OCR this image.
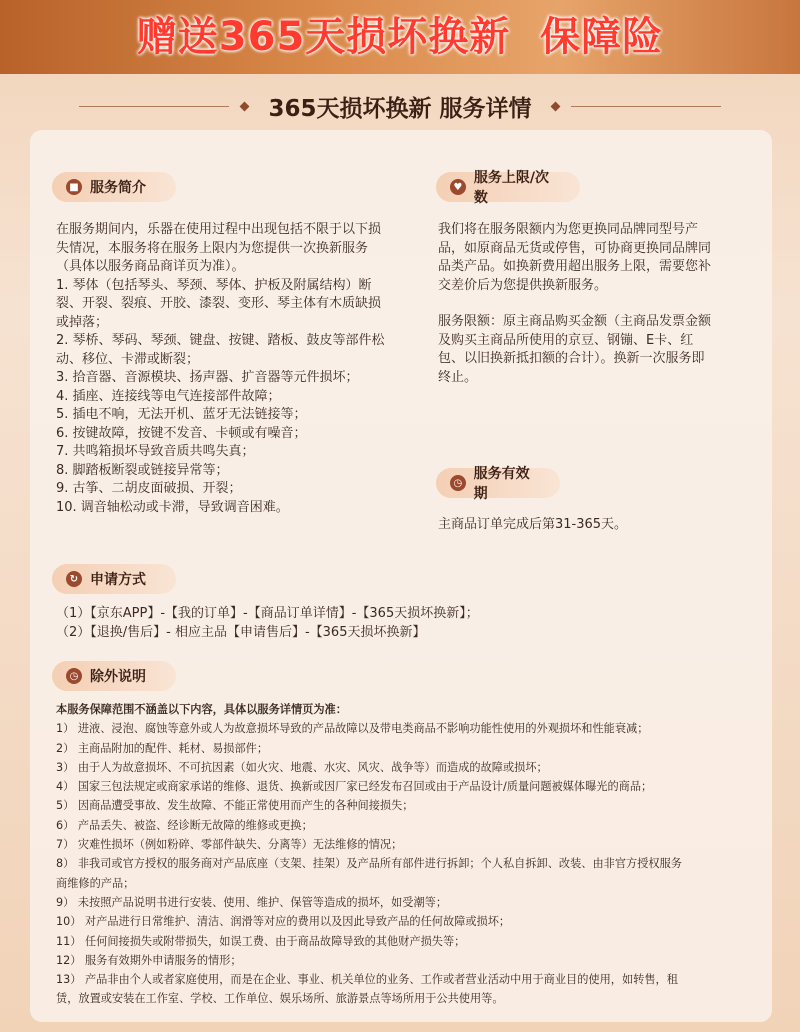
赠送365天损坏换新  保障险
365天损坏换新 服务详情
■ 服务简介

在服务期间内，乐器在使用过程中出现包括不限于以下损

失情况，本服务将在服务上限内为您提供一次换新服务

（具体以服务商品商详页为准）。

1. 琴体（包括琴头、琴颈、琴体、护板及附属结构）断

裂、开裂、裂痕、开胶、漆裂、变形、琴主体有木质缺损

或掉落；

2. 琴桥、琴码、琴颈、键盘、按键、踏板、鼓皮等部件松

动、移位、卡滞或断裂；

3. 拾音器、音源模块、扬声器、扩音器等元件损坏；

4. 插座、连接线等电气连接部件故障；

5. 插电不响，无法开机、蓝牙无法链接等；

6. 按键故障，按键不发音、卡顿或有噪音；

7. 共鸣箱损坏导致音质共鸣失真；

8. 脚踏板断裂或链接异常等；

9. 古筝、二胡皮面破损、开裂；

10. 调音轴松动或卡滞，导致调音困难。

♥
服务上限/次数

我们将在服务限额内为您更换同品牌同型号产

品，如原商品无货或停售，可协商更换同品牌同

品类产品。如换新费用超出服务上限，需要您补

交差价后为您提供换新服务。

服务限额：原主商品购买金额（主商品发票金额

及购买主商品所使用的京豆、钢镚、E卡、红

包、以旧换新抵扣额的合计）。换新一次服务即

终止。

◷
服务有效期
主商品订单完成后第31-365天。
↻ 申请方式

（1）【京东APP】-【我的订单】-【商品订单详情】-【365天损坏换新】；

（2）【退换/售后】- 相应主品【申请售后】-【365天损坏换新】

◷ 除外说明

本服务保障范围不涵盖以下内容，具体以服务详情页为准：

1） 进液、浸泡、腐蚀等意外或人为故意损坏导致的产品故障以及带电类商品不影响功能性使用的外观损坏和性能衰减；

2） 主商品附加的配件、耗材、易损部件；

3） 由于人为故意损坏、不可抗因素（如火灾、地震、水灾、风灾、战争等）而造成的故障或损坏；

4） 国家三包法规定或商家承诺的维修、退货、换新或因厂家已经发布召回或由于产品设计/质量问题被媒体曝光的商品；

5） 因商品遭受事故、发生故障、不能正常使用而产生的各种间接损失；

6） 产品丢失、被盗、经诊断无故障的维修或更换；

7） 灾难性损坏（例如粉碎、零部件缺失、分离等）无法维修的情况；

8） 非我司或官方授权的服务商对产品底座（支架、挂架）及产品所有部件进行拆卸；个人私自拆卸、改装、由非官方授权服务

商维修的产品；

9） 未按照产品说明书进行安装、使用、维护、保管等造成的损坏，如受潮等；

10） 对产品进行日常维护、清洁、润滑等对应的费用以及因此导致产品的任何故障或损坏；

11） 任何间接损失或附带损失，如误工费、由于商品故障导致的其他财产损失等；

12） 服务有效期外申请服务的情形；

13） 产品非由个人或者家庭使用，而是在企业、事业、机关单位的业务、工作或者营业活动中用于商业目的使用，如转售，租

赁，放置或安装在工作室、学校、工作单位、娱乐场所、旅游景点等场所用于公共使用等。
